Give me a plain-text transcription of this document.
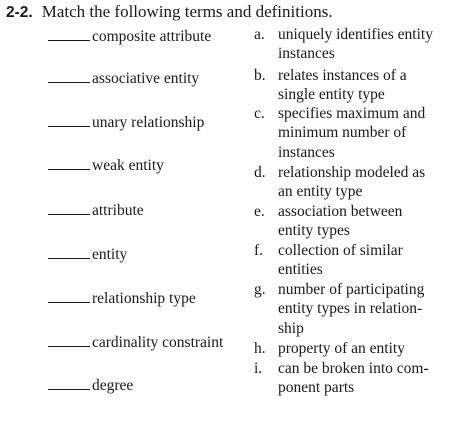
2-2. Match the following terms and definitions.
composite attribute
associative entity
unary relationship
weak entity
attribute
entity
relationship type
cardinality constraint
degree
a. uniquely identifies entity
instances
b. relates instances of a
single entity type
c. specifies maximum and
minimum number of
instances
d. relationship modeled as
an entity type
e. association between
entity types
f. collection of similar
entities
g. number of participating
entity types in relation-
ship
h. property of an entity
i.	can be broken into com-
ponent parts
